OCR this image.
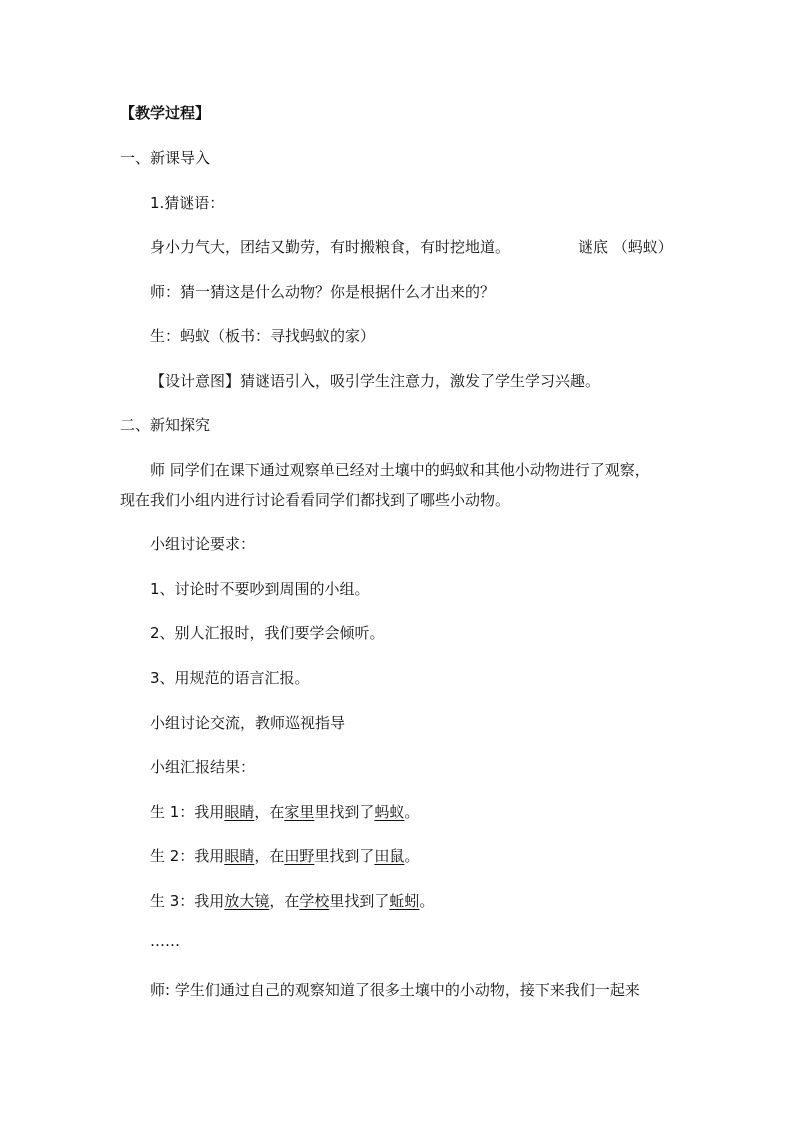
【教学过程】
一、新课导入
1.猜谜语：
身小力气大，团结又勤劳，有时搬粮食，有时挖地道。	谜底 （蚂蚁）
师：猜一猜这是什么动物？你是根据什么才出来的？
生：蚂蚁（板书：寻找蚂蚁的家）
【设计意图】猜谜语引入，吸引学生注意力，激发了学生学习兴趣。
二、新知探究
师 同学们在课下通过观察单已经对土壤中的蚂蚁和其他小动物进行了观察，
现在我们小组内进行讨论看看同学们都找到了哪些小动物。
小组讨论要求：
1、讨论时不要吵到周围的小组。
2、别人汇报时，我们要学会倾听。
3、用规范的语言汇报。
小组讨论交流，教师巡视指导
小组汇报结果：
生 1：我用眼睛，在家里里找到了蚂蚁。
生 2：我用眼睛，在田野里找到了田鼠。
生 3：我用放大镜，在学校里找到了蚯蚓。
……
师: 学生们通过自己的观察知道了很多土壤中的小动物，接下来我们一起来
